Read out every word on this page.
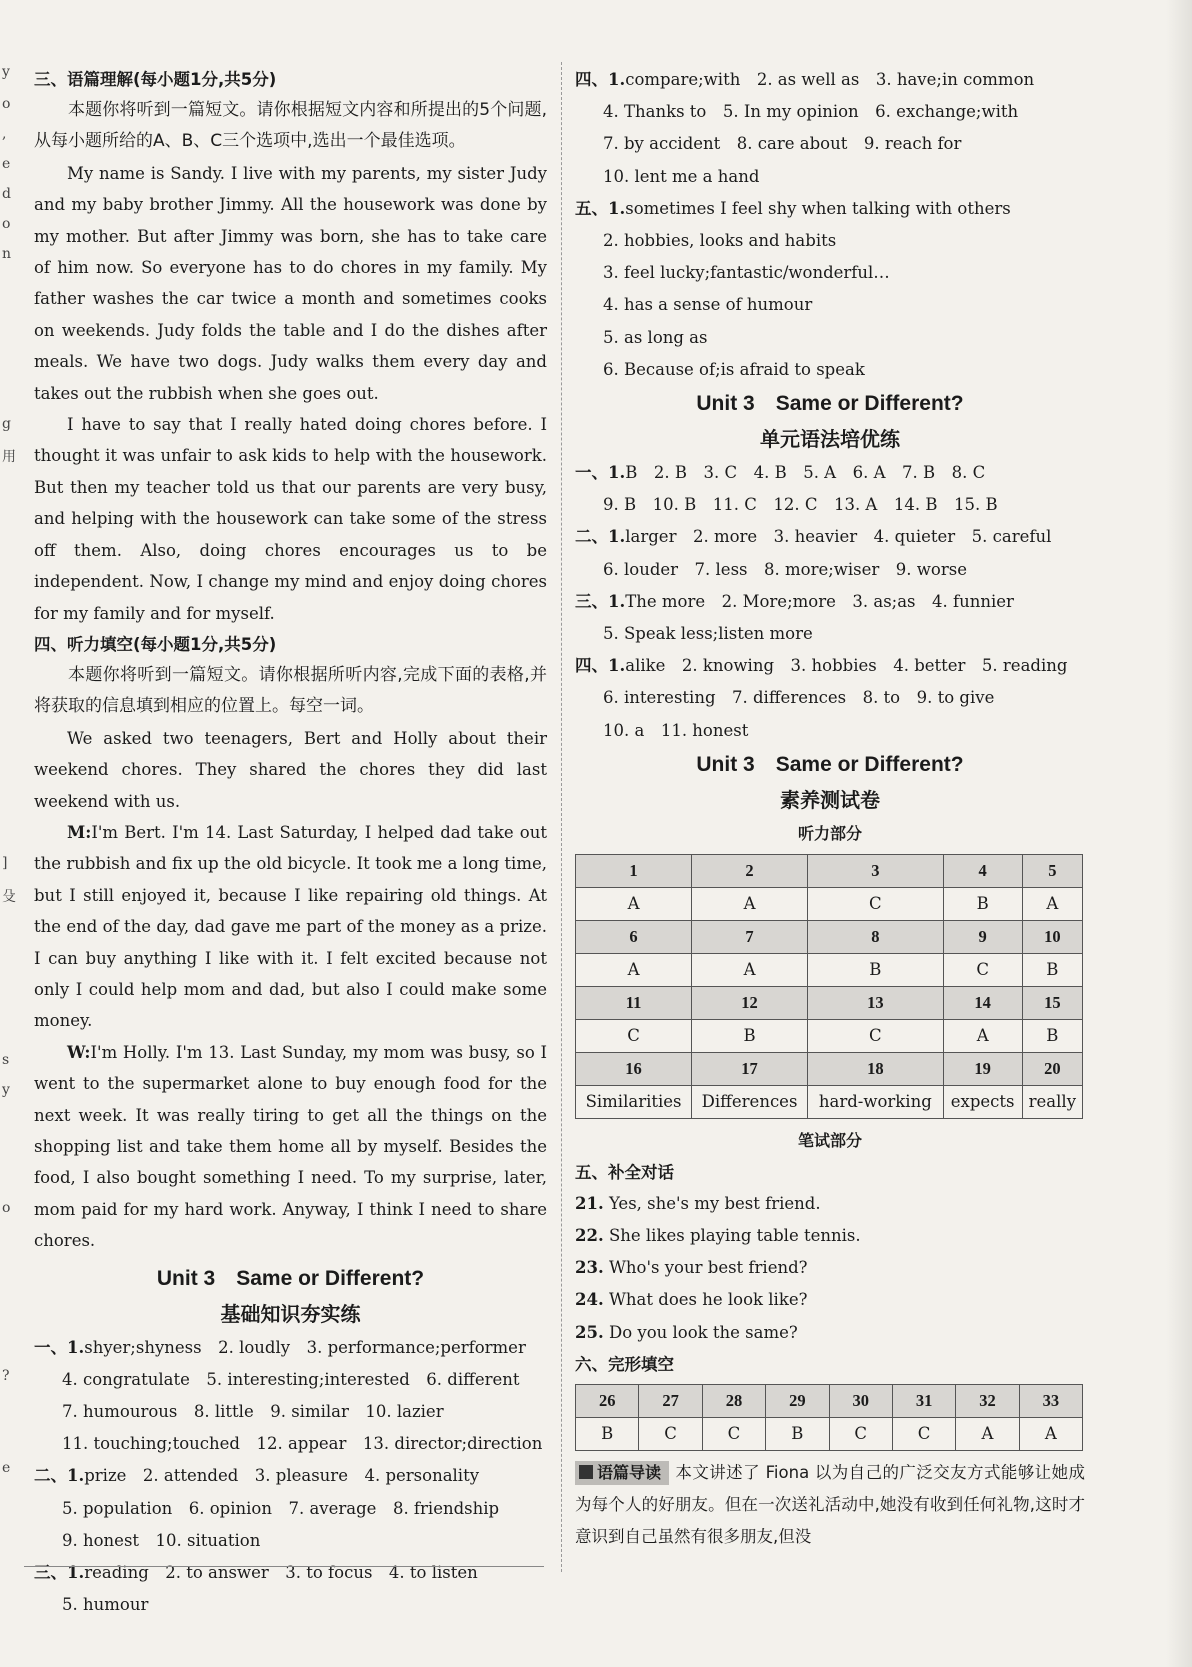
y
o
,
e
d
o
n
g
用
]
殳
s
y
o
?
e
三、语篇理解(每小题1分,共5分)

本题你将听到一篇短文。请你根据短文内容和所提出的5个问题,从每小题所给的A、B、C三个选项中,选出一个最佳选项。

My name is Sandy. I live with my parents, my sister Judy and my baby brother Jimmy. All the housework was done by my mother. But after Jimmy was born, she has to take care of him now. So everyone has to do chores in my family. My father washes the car twice a month and sometimes cooks on weekends. Judy folds the table and I do the dishes after meals. We have two dogs. Judy walks them every day and takes out the rubbish when she goes out.

I have to say that I really hated doing chores before. I thought it was unfair to ask kids to help with the housework. But then my teacher told us that our parents are very busy, and helping with the housework can take some of the stress off them. Also, doing chores encourages us to be independent. Now, I change my mind and enjoy doing chores for my family and for myself.

四、听力填空(每小题1分,共5分)

本题你将听到一篇短文。请你根据所听内容,完成下面的表格,并将获取的信息填到相应的位置上。每空一词。

We asked two teenagers, Bert and Holly about their weekend chores. They shared the chores they did last weekend with us.

M:I'm Bert. I'm 14. Last Saturday, I helped dad take out the rubbish and fix up the old bicycle. It took me a long time, but I still enjoyed it, because I like repairing old things. At the end of the day, dad gave me part of the money as a prize. I can buy anything I like with it. I felt excited because not only I could help mom and dad, but also I could make some money.

W:I'm Holly. I'm 13. Last Sunday, my mom was busy, so I went to the supermarket alone to buy enough food for the next week. It was really tiring to get all the things on the shopping list and take them home all by myself. Besides the food, I also bought something I need. To my surprise, later, mom paid for my hard work. Anyway, I think I need to share chores.

Unit 3　Same or Different?
基础知识夯实练
一、1.shyer;shyness　2. loudly　3. performance;performer
4. congratulate　5. interesting;interested　6. different
7. humourous　8. little　9. similar　10. lazier
11. touching;touched　12. appear　13. director;direction
二、1.prize　2. attended　3. pleasure　4. personality
5. population　6. opinion　7. average　8. friendship
9. honest　10. situation
三、1.reading　2. to answer　3. to focus　4. to listen
5. humour
四、1.compare;with　2. as well as　3. have;in common
4. Thanks to　5. In my opinion　6. exchange;with
7. by accident　8. care about　9. reach for
10. lent me a hand
五、1.sometimes I feel shy when talking with others
2. hobbies, looks and habits
3. feel lucky;fantastic/wonderful…
4. has a sense of humour
5. as long as
6. Because of;is afraid to speak
Unit 3　Same or Different?
单元语法培优练
一、1.B　2. B　3. C　4. B　5. A　6. A　7. B　8. C
9. B　10. B　11. C　12. C　13. A　14. B　15. B
二、1.larger　2. more　3. heavier　4. quieter　5. careful
6. louder　7. less　8. more;wiser　9. worse
三、1.The more　2. More;more　3. as;as　4. funnier
5. Speak less;listen more
四、1.alike　2. knowing　3. hobbies　4. better　5. reading
6. interesting　7. differences　8. to　9. to give
10. a　11. honest
Unit 3　Same or Different?
素养测试卷
听力部分
1	2	3	4	5
A	A	C	B	A
6	7	8	9	10
A	A	B	C	B
11	12	13	14	15
C	B	C	A	B
16	17	18	19	20
Similarities	Differences	hard-working	expects	really
笔试部分
五、补全对话
21. Yes, she's my best friend.
22. She likes playing table tennis.
23. Who's your best friend?
24. What does he look like?
25. Do you look the same?
六、完形填空
26	27	28	29	30	31	32	33
B	C	C	B	C	C	A	A
语篇导读 本文讲述了 Fiona 以为自己的广泛交友方式能够让她成为每个人的好朋友。但在一次送礼活动中,她没有收到任何礼物,这时才意识到自己虽然有很多朋友,但没
